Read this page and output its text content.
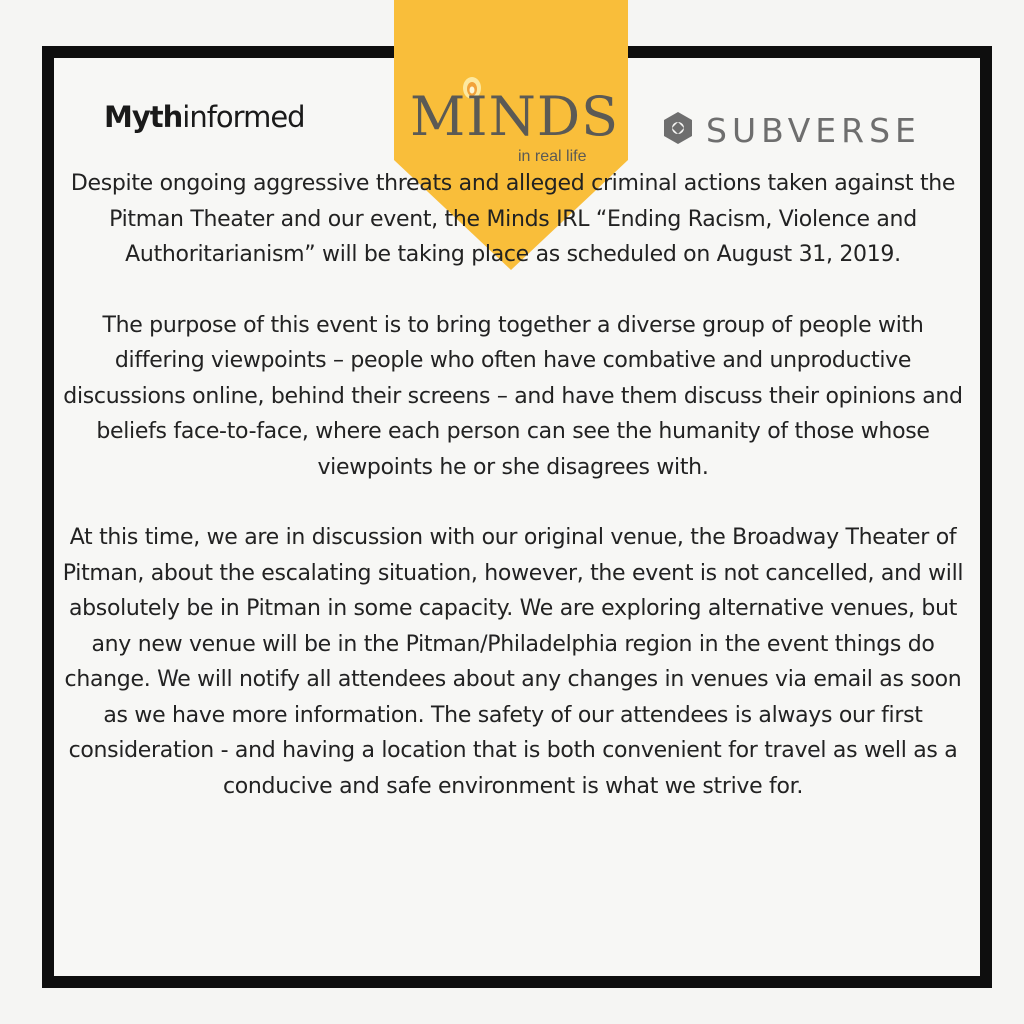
Mythinformed MINDS
in real life
SUBVERSE

Despite ongoing aggressive threats and alleged criminal actions taken against the Pitman Theater and our event, the Minds IRL “Ending Racism, Violence and Authoritarianism” will be taking place as scheduled on August 31, 2019.

The purpose of this event is to bring together a diverse group of people with differing viewpoints – people who often have combative and unproductive discussions online, behind their screens – and have them discuss their opinions and beliefs face-to-face, where each person can see the humanity of those whose viewpoints he or she disagrees with.

At this time, we are in discussion with our original venue, the Broadway Theater of Pitman, about the escalating situation, however, the event is not cancelled, and will absolutely be in Pitman in some capacity. We are exploring alternative venues, but any new venue will be in the Pitman/Philadelphia region in the event things do change. We will notify all attendees about any changes in venues via email as soon as we have more information. The safety of our attendees is always our first consideration - and having a location that is both convenient for travel as well as a conducive and safe environment is what we strive for.
